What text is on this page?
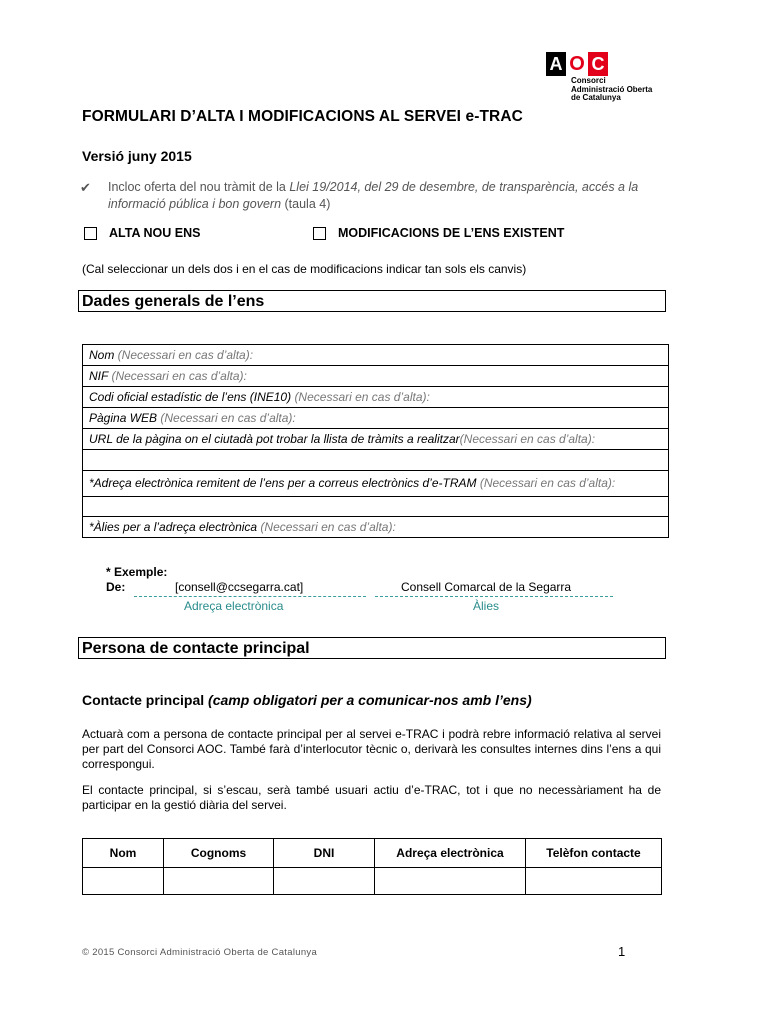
A O C
Consorci
Administració Oberta
de Catalunya
FORMULARI D’ALTA I MODIFICACIONS AL SERVEI e-TRAC
Versió juny 2015
✔ Incloc oferta del nou tràmit de la Llei 19/2014, del 29 de desembre, de transparència, accés a la informació pública i bon govern (taula 4)
ALTA NOU ENS	MODIFICACIONS DE L’ENS EXISTENT
(Cal seleccionar un dels dos i en el cas de modificacions indicar tan sols els canvis)
Dades generals de l’ens
Nom (Necessari en cas d’alta):
NIF (Necessari en cas d’alta):
Codi oficial estadístic de l’ens (INE10) (Necessari en cas d’alta):
Pàgina WEB (Necessari en cas d’alta):
URL de la pàgina on el ciutadà pot trobar la llista de tràmits a realitzar(Necessari en cas d’alta):

*Adreça electrònica remitent de l’ens per a correus electrònics d’e-TRAM (Necessari en cas d’alta):

*Àlies per a l’adreça electrònica (Necessari en cas d’alta):
* Exemple:
De:	[consell@ccsegarra.cat]	Consell Comarcal de la Segarra
Adreça electrònica	Àlies
Persona de contacte principal
Contacte principal (camp obligatori per a comunicar-nos amb l’ens)
Actuarà com a persona de contacte principal per al servei e-TRAC i podrà rebre informació relativa al servei per part del Consorci AOC. També farà d’interlocutor tècnic o, derivarà les consultes internes dins l’ens a qui correspongui.
El contacte principal, si s’escau, serà també usuari actiu d’e-TRAC, tot i que no necessàriament ha de participar en la gestió diària del servei.
Nom	Cognoms	DNI	Adreça electrònica	Telèfon contacte

© 2015 Consorci Administració Oberta de Catalunya	1
